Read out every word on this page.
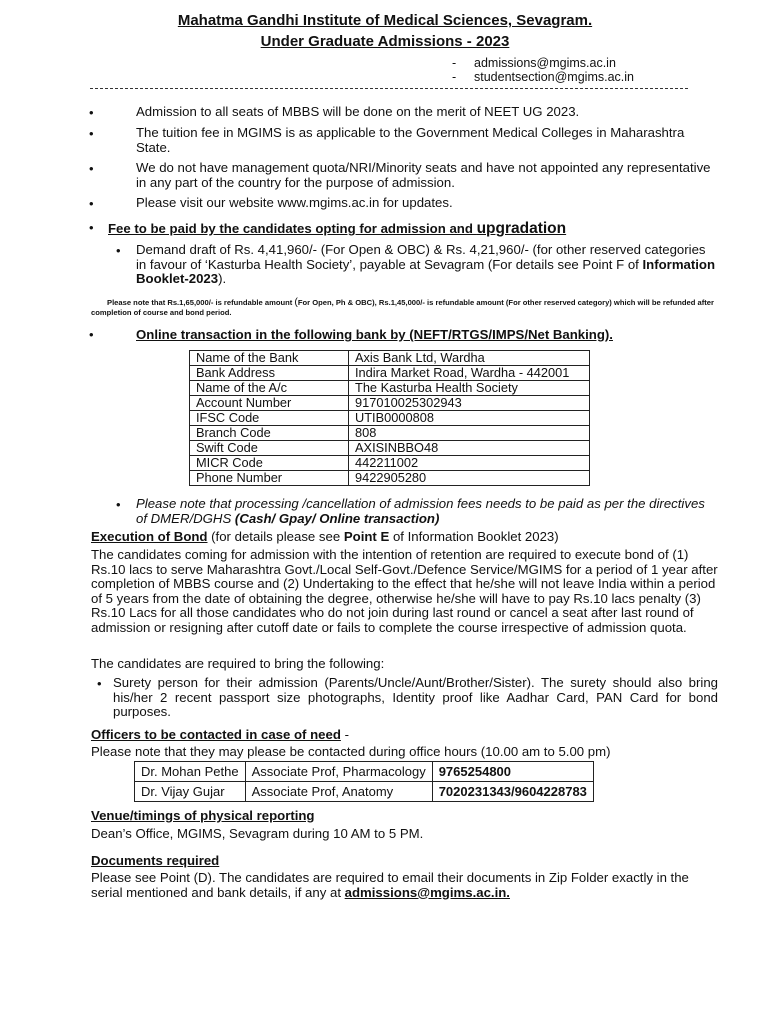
Mahatma Gandhi Institute of Medical Sciences, Sevagram.
Under Graduate Admissions - 2023
- admissions@mgims.ac.in
- studentsection@mgims.ac.in
•	Admission to all seats of MBBS will be done on the merit of NEET UG 2023.
•	The tuition fee in MGIMS is as applicable to the Government Medical Colleges in Maharashtra State.
•	We do not have management quota/NRI/Minority seats and have not appointed any representative in any part of the country for the purpose of admission.
•	Please visit our website www.mgims.ac.in for updates.
• Fee to be paid by the candidates opting for admission and upgradation
• Demand draft of Rs. 4,41,960/- (For Open & OBC) & Rs. 4,21,960/- (for other reserved categories in favour of ‘Kasturba Health Society’, payable at Sevagram (For details see Point F of Information Booklet-2023).
Please note that Rs.1,65,000/- is refundable amount (For Open, Ph & OBC), Rs.1,45,000/- is refundable amount (For other reserved category) which will be refunded after completion of course and bond period.
•	Online transaction in the following bank by (NEFT/RTGS/IMPS/Net Banking).
Name of the Bank	Axis Bank Ltd, Wardha
Bank Address	Indira Market Road, Wardha - 442001
Name of the A/c	The Kasturba Health Society
Account Number	917010025302943
IFSC Code	UTIB0000808
Branch Code	808
Swift Code	AXISINBBO48
MICR Code	442211002
Phone Number	9422905280
• Please note that processing /cancellation of admission fees needs to be paid as per the directives of DMER/DGHS (Cash/ Gpay/ Online transaction)
Execution of Bond (for details please see Point E of Information Booklet 2023)
The candidates coming for admission with the intention of retention are required to execute bond of (1) Rs.10 lacs to serve Maharashtra Govt./Local Self-Govt./Defence Service/MGIMS for a period of 1 year after completion of MBBS course and (2) Undertaking to the effect that he/she will not leave India within a period of 5 years from the date of obtaining the degree, otherwise he/she will have to pay Rs.10 lacs penalty (3) Rs.10 Lacs for all those candidates who do not join during last round or cancel a seat after last round of admission or resigning after cutoff date or fails to complete the course irrespective of admission quota.
The candidates are required to bring the following:
• Surety person for their admission (Parents/Uncle/Aunt/Brother/Sister). The surety should also bring his/her 2 recent passport size photographs, Identity proof like Aadhar Card, PAN Card for bond purposes.
Officers to be contacted in case of need -
Please note that they may please be contacted during office hours (10.00 am to 5.00 pm)
Dr. Mohan Pethe	Associate Prof, Pharmacology	9765254800
Dr. Vijay Gujar	Associate Prof, Anatomy	7020231343/9604228783
Venue/timings of physical reporting
Dean’s Office, MGIMS, Sevagram during 10 AM to 5 PM.
Documents required
Please see Point (D). The candidates are required to email their documents in Zip Folder exactly in the serial mentioned and bank details, if any at admissions@mgims.ac.in.
